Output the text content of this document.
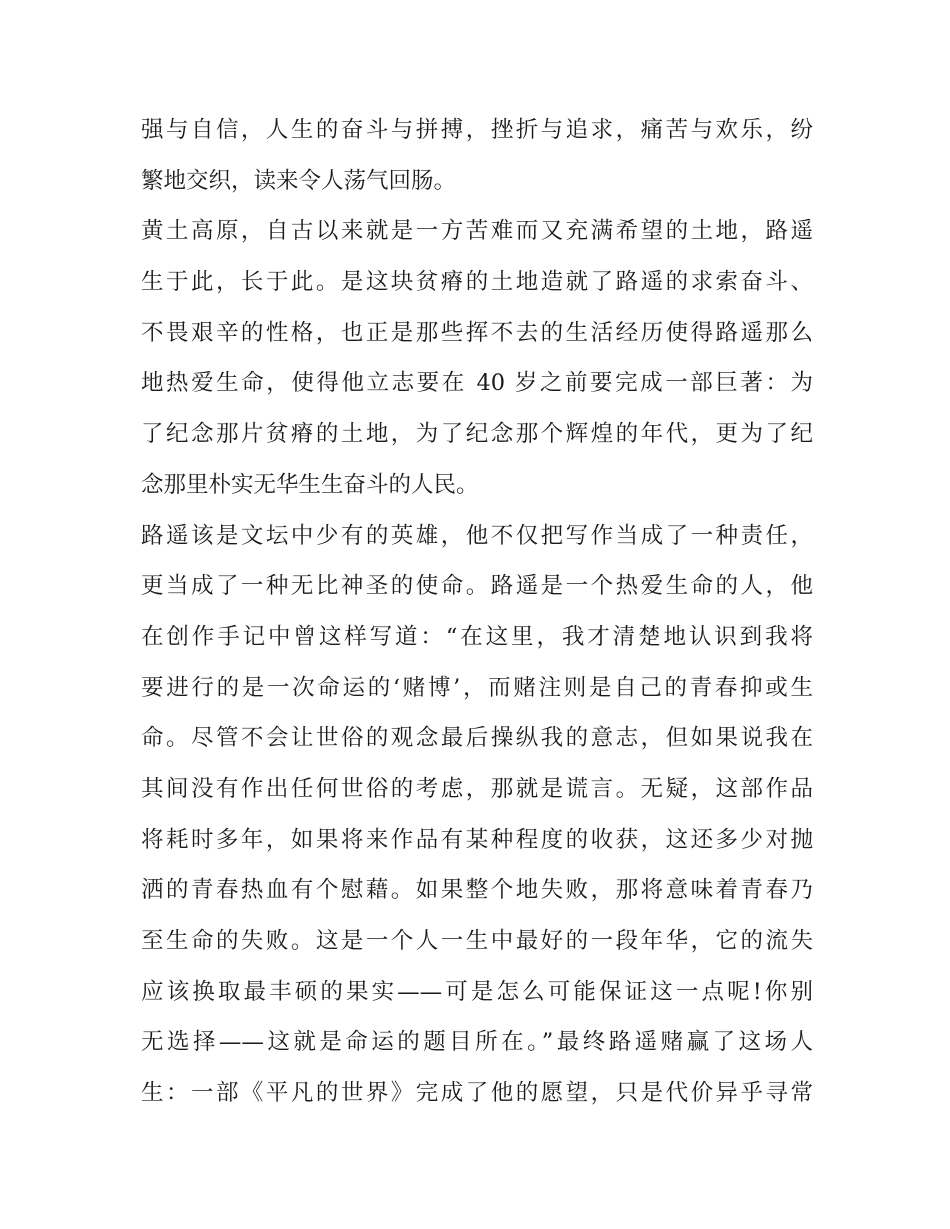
强与自信，人生的奋斗与拼搏，挫折与追求，痛苦与欢乐，纷
繁地交织，读来令人荡气回肠。
黄土高原，自古以来就是一方苦难而又充满希望的土地，路遥
生于此，长于此。是这块贫瘠的土地造就了路遥的求索奋斗、
不畏艰辛的性格，也正是那些挥不去的生活经历使得路遥那么
地热爱生命，使得他立志要在 40 岁之前要完成一部巨著：为
了纪念那片贫瘠的土地，为了纪念那个辉煌的年代，更为了纪
念那里朴实无华生生奋斗的人民。
路遥该是文坛中少有的英雄，他不仅把写作当成了一种责任，
更当成了一种无比神圣的使命。路遥是一个热爱生命的人，他
在创作手记中曾这样写道：“在这里，我才清楚地认识到我将
要进行的是一次命运的‘赌博’，而赌注则是自己的青春抑或生
命。尽管不会让世俗的观念最后操纵我的意志，但如果说我在
其间没有作出任何世俗的考虑，那就是谎言。无疑，这部作品
将耗时多年，如果将来作品有某种程度的收获，这还多少对抛
洒的青春热血有个慰藉。如果整个地失败，那将意味着青春乃
至生命的失败。这是一个人一生中最好的一段年华，它的流失
应该换取最丰硕的果实——可是怎么可能保证这一点呢!你别
无选择——这就是命运的题目所在。”最终路遥赌赢了这场人
生：一部《平凡的世界》完成了他的愿望，只是代价异乎寻常
